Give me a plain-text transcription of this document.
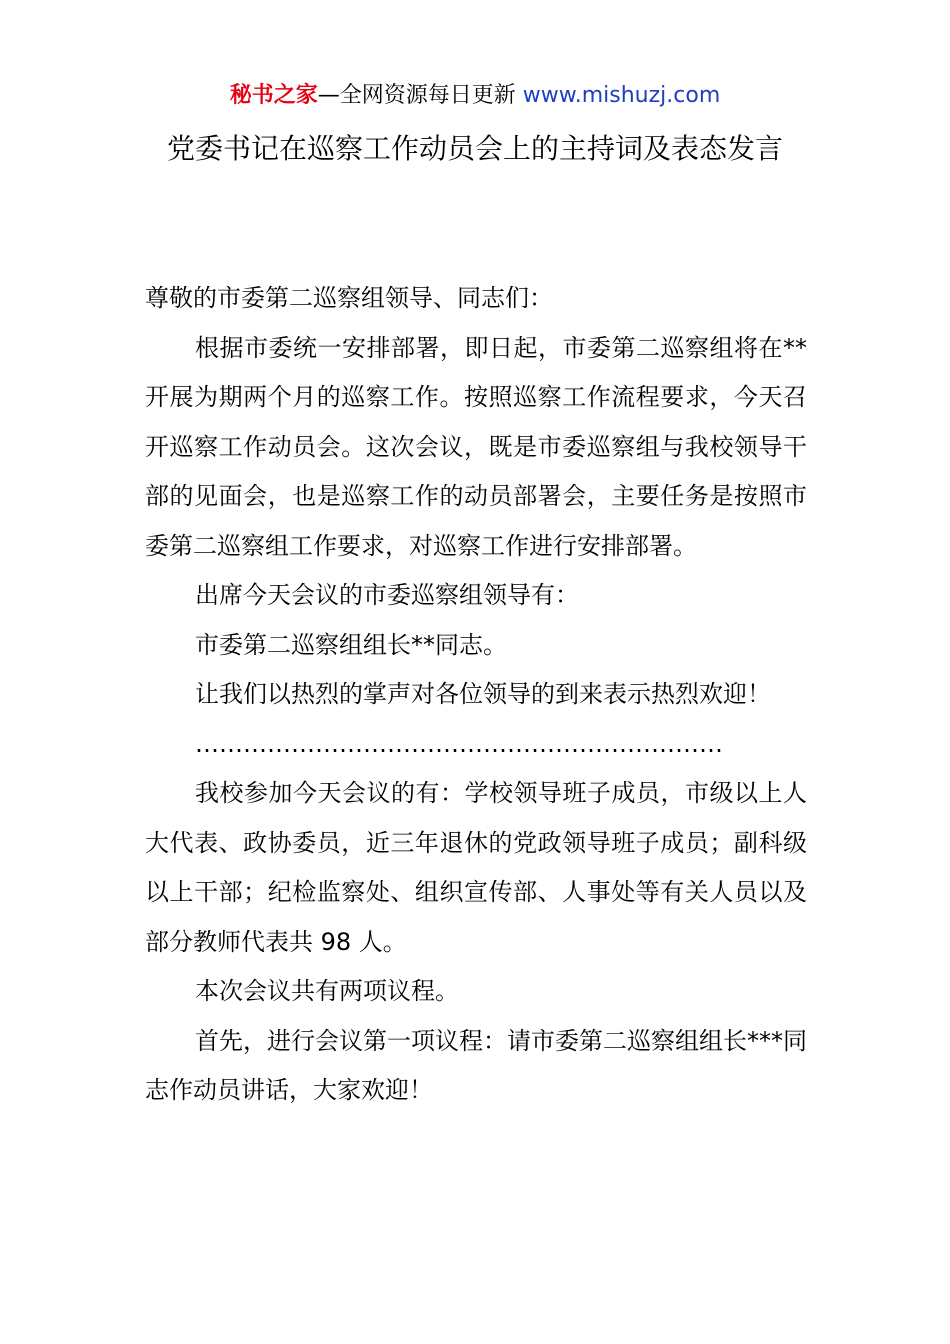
秘书之家—全网资源每日更新 www.mishuzj.com
党委书记在巡察工作动员会上的主持词及表态发言

尊敬的市委第二巡察组领导、同志们：

根据市委统一安排部署，即日起，市委第二巡察组将在**开展为期两个月的巡察工作。按照巡察工作流程要求，今天召开巡察工作动员会。这次会议，既是市委巡察组与我校领导干部的见面会，也是巡察工作的动员部署会，主要任务是按照市委第二巡察组工作要求，对巡察工作进行安排部署。

出席今天会议的市委巡察组领导有：

市委第二巡察组组长**同志。

让我们以热烈的掌声对各位领导的到来表示热烈欢迎！

…………………………………………………………

我校参加今天会议的有：学校领导班子成员，市级以上人大代表、政协委员，近三年退休的党政领导班子成员；副科级以上干部；纪检监察处、组织宣传部、人事处等有关人员以及部分教师代表共 98 人。

本次会议共有两项议程。

首先，进行会议第一项议程：请市委第二巡察组组长***同志作动员讲话，大家欢迎！
